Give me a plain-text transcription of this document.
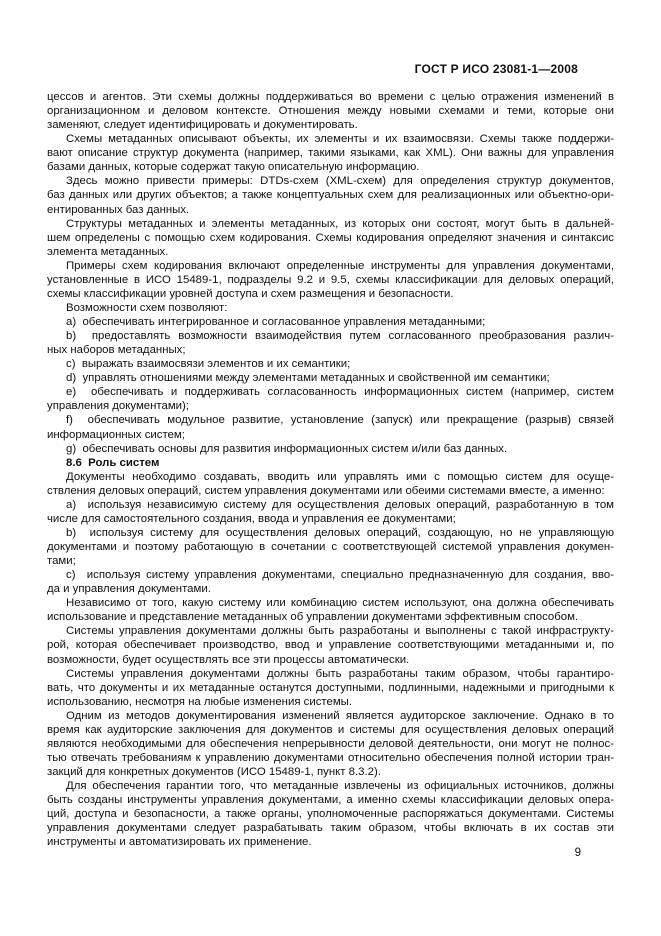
ГОСТ Р ИСО 23081-1—2008
цессов и агентов. Эти схемы должны поддерживаться во времени с целью отражения изменений в
организационном и деловом контексте. Отношения между новыми схемами и теми, которые они
заменяют, следует идентифицировать и документировать.
Схемы метаданных описывают объекты, их элементы и их взаимосвязи. Схемы также поддержи-
вают описание структур документа (например, такими языками, как XML). Они важны для управления
базами данных, которые содержат такую описательную информацию.
Здесь можно привести примеры: DTDs-схем (XML-схем) для определения структур документов,
баз данных или других объектов; а также концептуальных схем для реализационных или объектно-ори-
ентированных баз данных.
Структуры метаданных и элементы метаданных, из которых они состоят, могут быть в дальней-
шем определены с помощью схем кодирования. Схемы кодирования определяют значения и синтаксис
элемента метаданных.
Примеры схем кодирования включают определенные инструменты для управления документами,
установленные в ИСО 15489-1, подразделы 9.2 и 9.5, схемы классификации для деловых операций,
схемы классификации уровней доступа и схем размещения и безопасности.
Возможности схем позволяют:
a)  обеспечивать интегрированное и согласованное управления метаданными;
b)  предоставлять возможности взаимодействия путем согласованного преобразования различ-
ных наборов метаданных;
c)  выражать взаимосвязи элементов и их семантики;
d)  управлять отношениями между элементами метаданных и свойственной им семантики;
e)  обеспечивать и поддерживать согласованность информационных систем (например, систем
управления документами);
f)  обеспечивать модульное развитие, установление (запуск) или прекращение (разрыв) связей
информационных систем;
g)  обеспечивать основы для развития информационных систем и/или баз данных.
8.6  Роль систем
Документы необходимо создавать, вводить или управлять ими с помощью систем для осуще-
ствления деловых операций, систем управления документами или обеими системами вместе, а именно:
a)  используя независимую систему для осуществления деловых операций, разработанную в том
числе для самостоятельного создания, ввода и управления ее документами;
b)  используя систему для осуществления деловых операций, создающую, но не управляющую
документами и поэтому работающую в сочетании с соответствующей системой управления докумен-
тами;
c)  используя систему управления документами, специально предназначенную для создания, вво-
да и управления документами.
Независимо от того, какую систему или комбинацию систем используют, она должна обеспечивать
использование и представление метаданных об управлении документами эффективным способом.
Системы управления документами должны быть разработаны и выполнены с такой инфраструкту-
рой, которая обеспечивает производство, ввод и управление соответствующими метаданными и, по
возможности, будет осуществлять все эти процессы автоматически.
Системы управления документами должны быть разработаны таким образом, чтобы гарантиро-
вать, что документы и их метаданные останутся доступными, подлинными, надежными и пригодными к
использованию, несмотря на любые изменения системы.
Одним из методов документирования изменений является аудиторское заключение. Однако в то
время как аудиторские заключения для документов и системы для осуществления деловых операций
являются необходимыми для обеспечения непрерывности деловой деятельности, они могут не полнос-
тью отвечать требованиям к управлению документами относительно обеспечения полной истории тран-
закций для конкретных документов (ИСО 15489-1, пункт 8.3.2).
Для обеспечения гарантии того, что метаданные извлечены из официальных источников, должны
быть созданы инструменты управления документами, а именно схемы классификации деловых опера-
ций, доступа и безопасности, а также органы, уполномоченные распоряжаться документами. Системы
управления документами следует разрабатывать таким образом, чтобы включать в их состав эти
инструменты и автоматизировать их применение.
9
